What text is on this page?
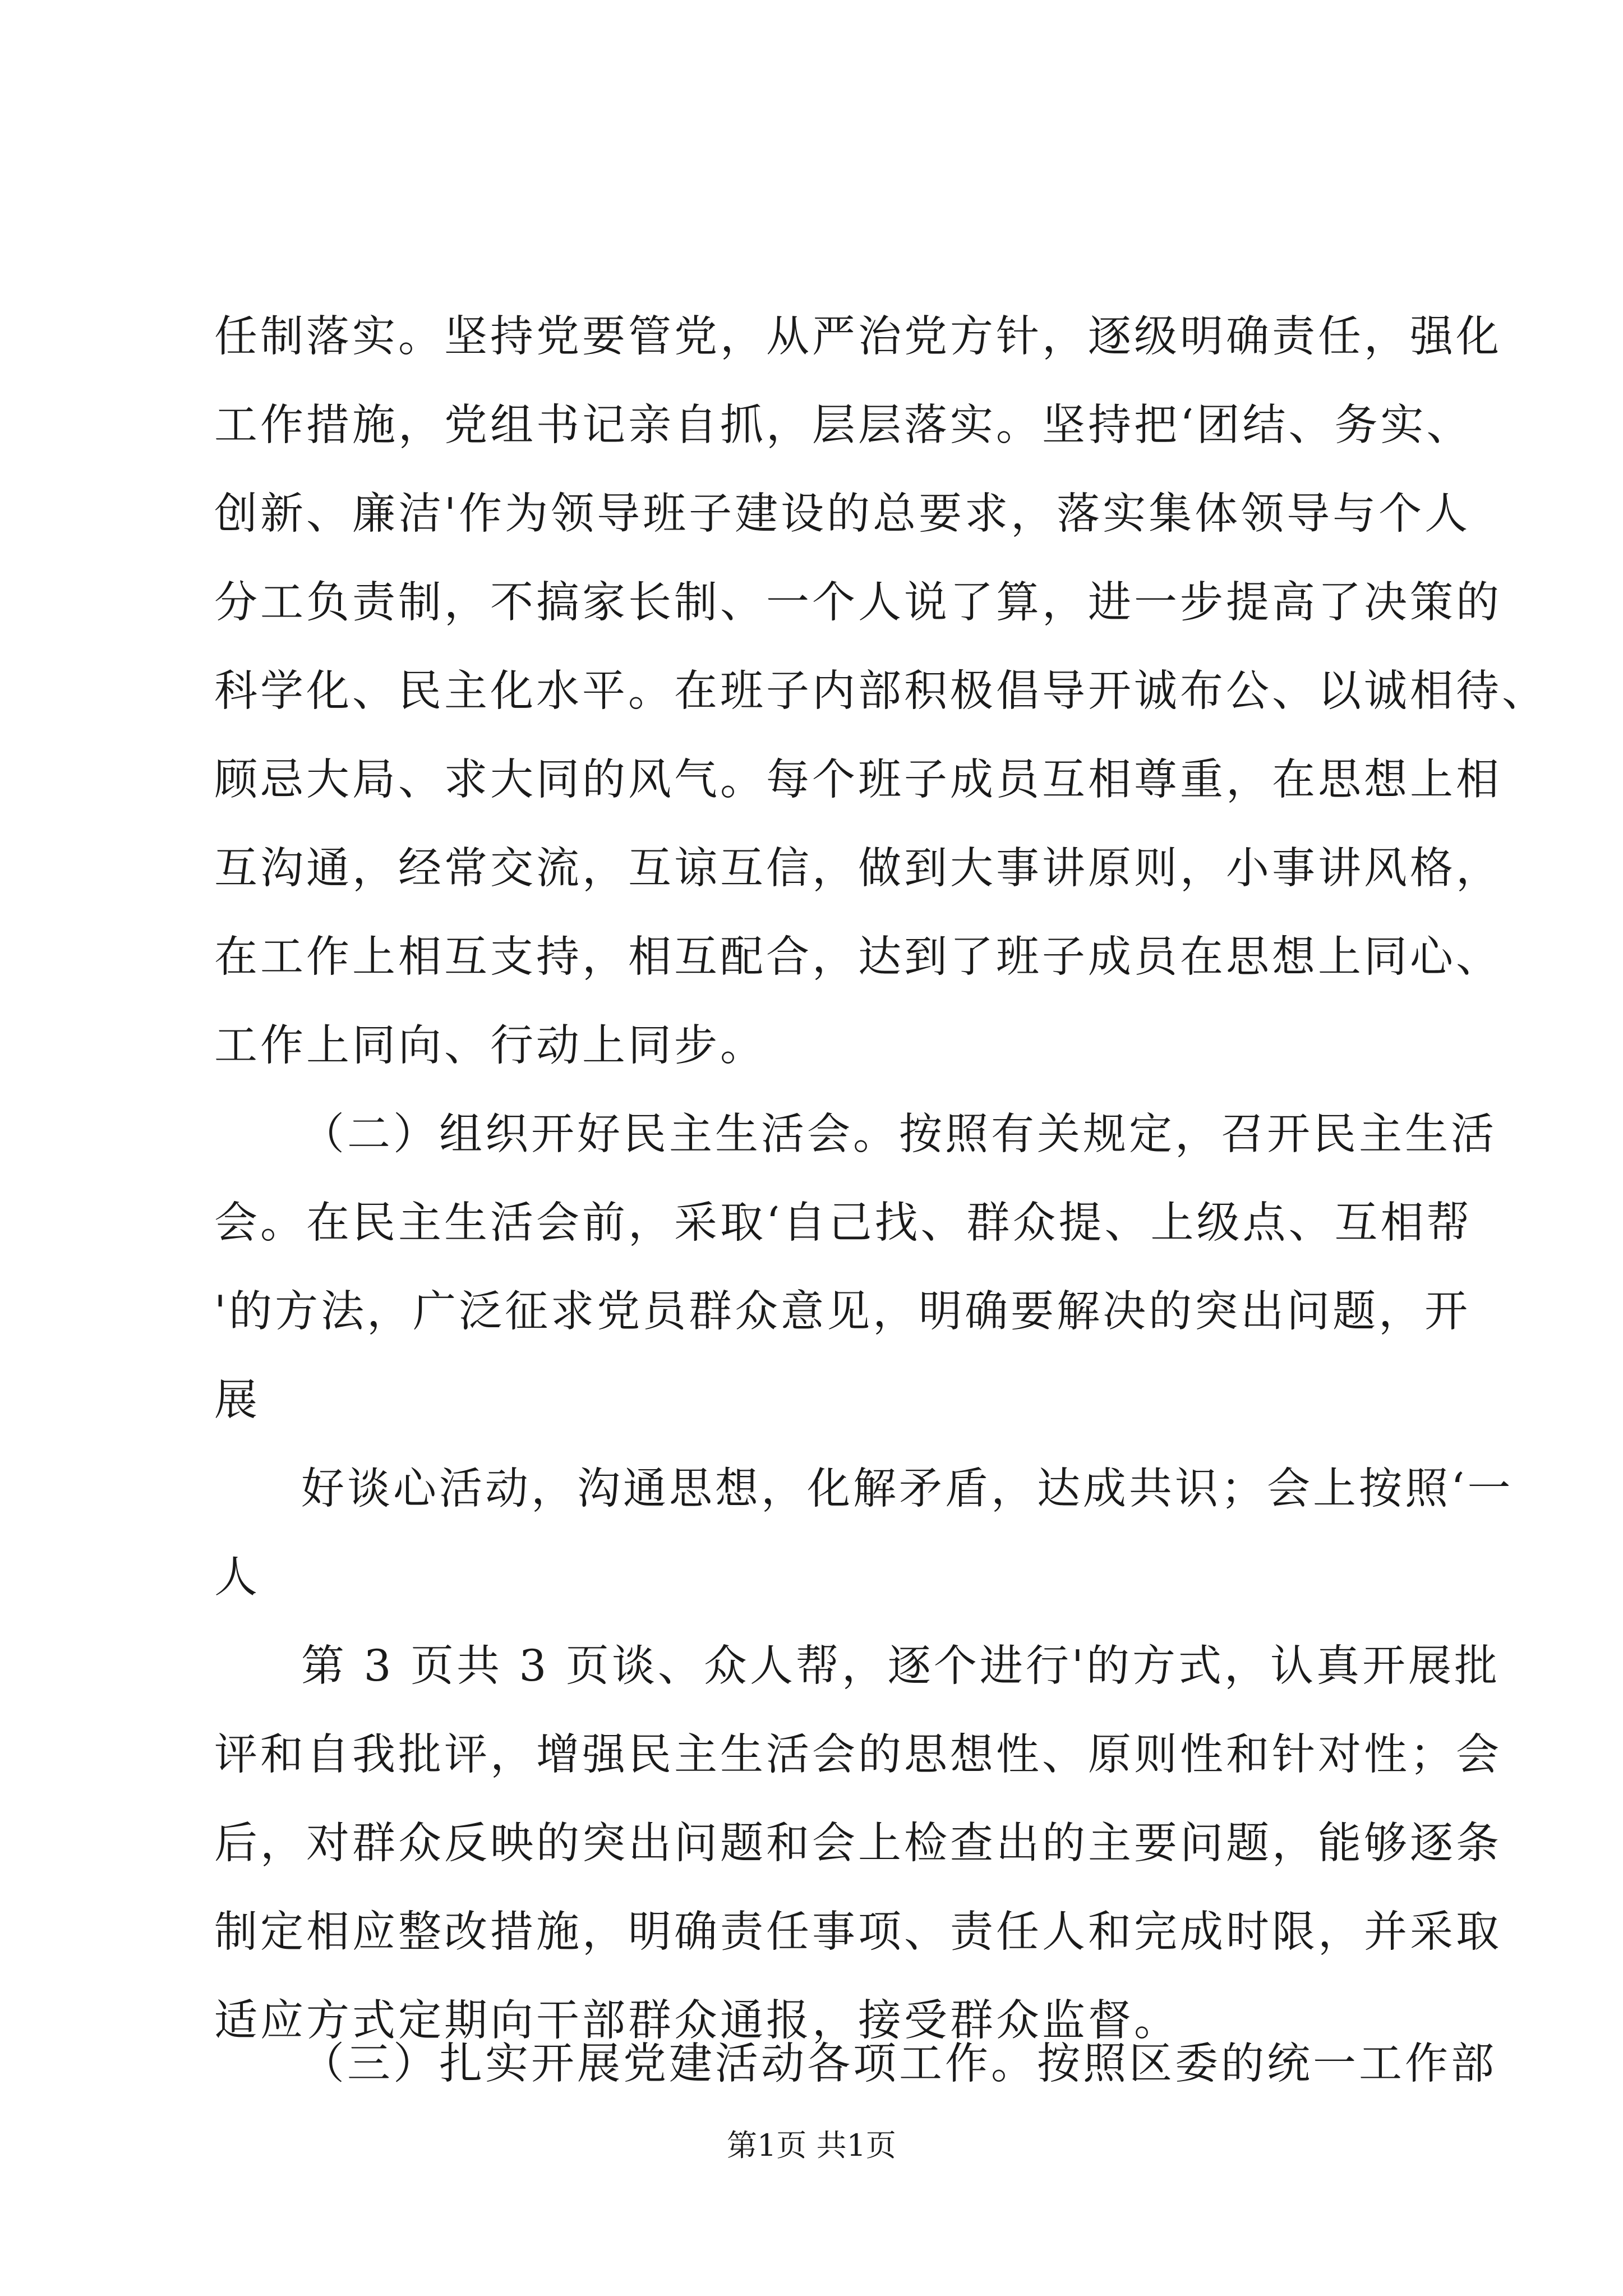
任制落实。坚持党要管党，从严治党方针，逐级明确责任，强化
工作措施，党组书记亲自抓，层层落实。坚持把‘团结、务实、
创新、廉洁'作为领导班子建设的总要求，落实集体领导与个人
分工负责制，不搞家长制、一个人说了算，进一步提高了决策的
科学化、民主化水平。在班子内部积极倡导开诚布公、以诚相待、
顾忌大局、求大同的风气。每个班子成员互相尊重，在思想上相
互沟通，经常交流，互谅互信，做到大事讲原则，小事讲风格，
在工作上相互支持，相互配合，达到了班子成员在思想上同心、
工作上同向、行动上同步。
（二）组织开好民主生活会。按照有关规定，召开民主生活
会。在民主生活会前，采取‘自己找、群众提、上级点、互相帮
'的方法，广泛征求党员群众意见，明确要解决的突出问题，开
展
好谈心活动，沟通思想，化解矛盾，达成共识；会上按照‘一
人
第 3 页共 3 页谈、众人帮，逐个进行'的方式，认真开展批
评和自我批评，增强民主生活会的思想性、原则性和针对性；会
后，对群众反映的突出问题和会上检查出的主要问题，能够逐条
制定相应整改措施，明确责任事项、责任人和完成时限，并采取
适应方式定期向干部群众通报，接受群众监督。
（三）扎实开展党建活动各项工作。按照区委的统一工作部
第1页 共1页
